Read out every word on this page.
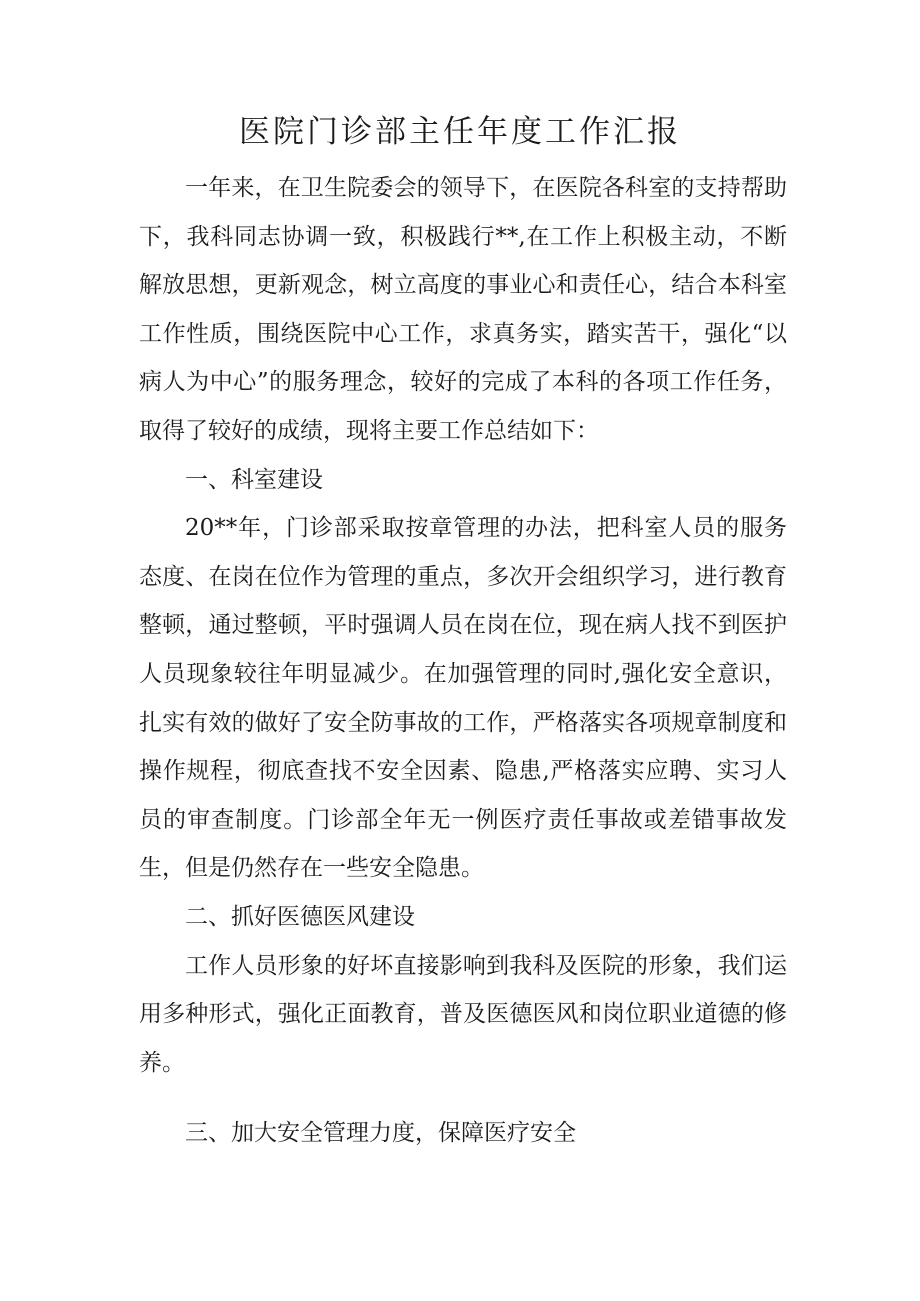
医院门诊部主任年度工作汇报

一年来，在卫生院委会的领导下，在医院各科室的支持帮助下，我科同志协调一致，积极践行**,在工作上积极主动，不断解放思想，更新观念，树立高度的事业心和责任心，结合本科室工作性质，围绕医院中心工作，求真务实，踏实苦干，强化“以病人为中心”的服务理念，较好的完成了本科的各项工作任务，取得了较好的成绩，现将主要工作总结如下：

一、科室建设

20**年，门诊部采取按章管理的办法，把科室人员的服务态度、在岗在位作为管理的重点，多次开会组织学习，进行教育整顿，通过整顿，平时强调人员在岗在位，现在病人找不到医护人员现象较往年明显减少。在加强管理的同时,强化安全意识，扎实有效的做好了安全防事故的工作，严格落实各项规章制度和操作规程，彻底查找不安全因素、隐患,严格落实应聘、实习人员的审查制度。门诊部全年无一例医疗责任事故或差错事故发生，但是仍然存在一些安全隐患。

二、抓好医德医风建设

工作人员形象的好坏直接影响到我科及医院的形象，我们运用多种形式，强化正面教育，普及医德医风和岗位职业道德的修养。

三、加大安全管理力度，保障医疗安全
